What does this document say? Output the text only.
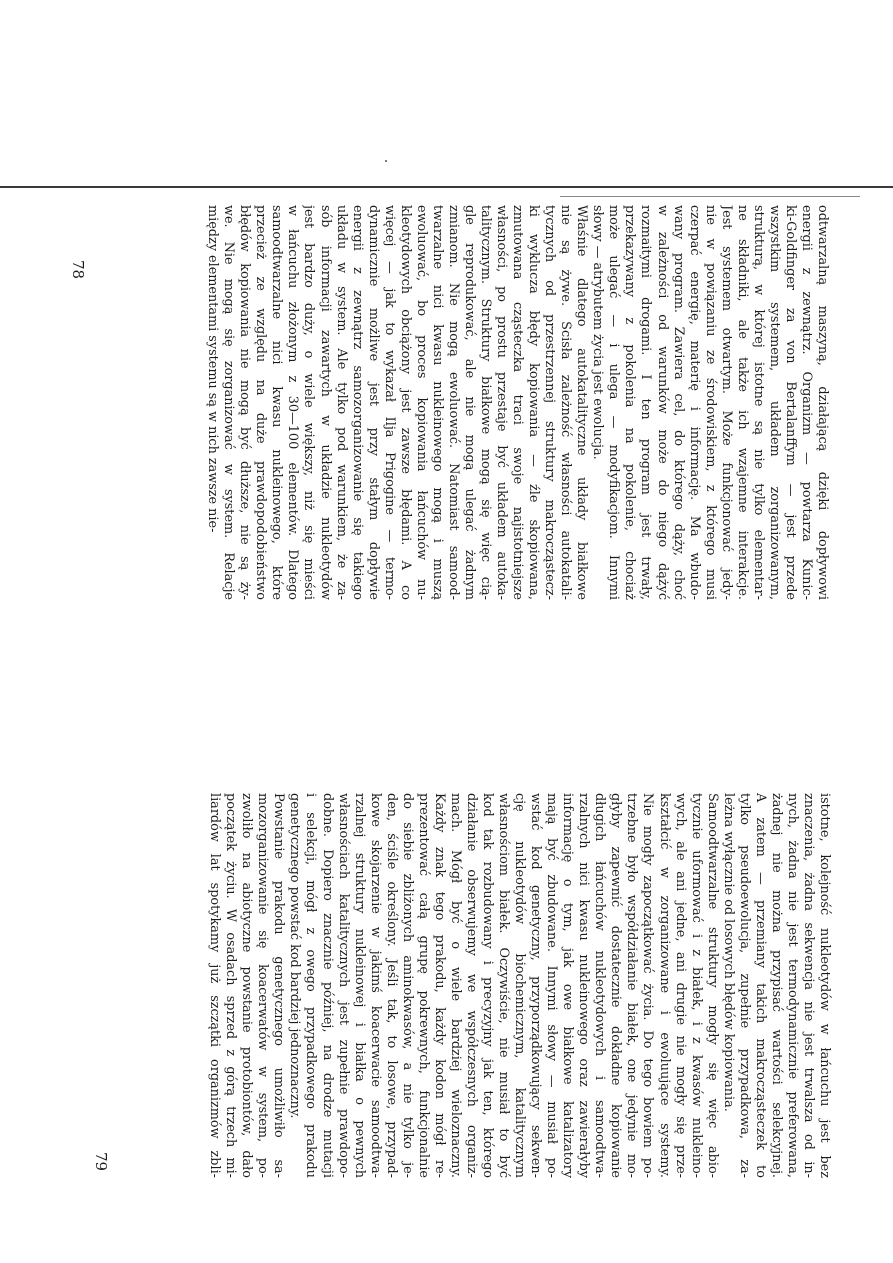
odtwarzalną maszyną, działającą dzięki dopływowi
energii z zewnątrz. Organizm — powtarza Kunic-
ki-Goldfinger za von Bertalanffym — jest przede
wszystkim systemem, układem zorganizowanym,
strukturą, w której istotne są nie tylko elementar-
ne składniki, ale także ich wzajemne interakcje.
Jest systemem otwartym. Może funkcjonować jedy-
nie w powiązaniu ze środowiskiem, z którego musi
czerpać energię, materię i informację. Ma wbudo-
wany program. Zawiera cel, do którego dąży, choć
w zależności od warunków może do niego dążyć
rozmaitymi drogami. I ten program jest trwały,
przekazywany z pokolenia na pokolenie, chociaż
może ulegać — i ulega — modyfikacjom. Innymi
słowy — atrybutem życia jest ewolucja.
Właśnie dlatego autokatalityczne układy białkowe
nie są żywe. Ścisła zależność własności autokatali-
tycznych od przestrzennej struktury makrocząstecz-
ki wyklucza błędy kopiowania — źle skopiowana,
zmutowana cząsteczka traci swoje najistotniejsze
własności, po prostu przestaje być układem autoka-
talitycznym. Struktury białkowe mogą się więc cią-
gle reprodukować, ale nie mogą ulegać żadnym
zmianom. Nie mogą ewoluować. Natomiast samood-
twarzalne nici kwasu nukleinowego mogą i muszą
ewoluować, bo proces kopiowania łańcuchów nu-
kleotydowych obciążony jest zawsze błędami. A co
więcej — jak to wykazał Ilja Prigogine — termo-
dynamicznie możliwe jest przy stałym dopływie
energii z zewnątrz samozorganizowanie się takiego
układu w system. Ale tylko pod warunkiem, że za-
sób informacji zawartych w układzie nukleotydów
jest bardzo duży, o wiele większy, niż się mieści
w łańcuchu złożonym z 30—100 elementów. Dlatego
samoodtwarzalne nici kwasu nukleinowego, które
przecież ze względu na duże prawdopodobieństwo
błędów kopiowania nie mogą być dłuższe, nie są ży-
we. Nie mogą się zorganizować w system. Relacje
między elementami systemu są w nich zawsze nie-
istotne, kolejność nukleotydów w łańcuchu jest bez
znaczenia, żadna sekwencja nie jest trwalsza od in-
nych, żadna nie jest termodynamicznie preferowana,
żadnej nie można przypisać wartości selekcyjnej.
A zatem — przemiany takich makrocząsteczek to
tylko pseudoewolucja, zupełnie przypadkowa, za-
leżna wyłącznie od losowych błędów kopiowania.
Samoodtwarzalne struktury mogły się więc abio-
tycznie uformować i z białek, i z kwasów nukleino-
wych, ale ani jedne, ani drugie nie mogły się prze-
kształcić w zorganizowane i ewoluujące systemy.
Nie mogły zapoczątkować życia. Do tego bowiem po-
trzebne było współdziałanie białek, one jedynie mo-
głyby zapewnić dostatecznie dokładne kopiowanie
długich łańcuchów nukleotydowych i samoodtwa-
rzalnych nici kwasu nukleinowego oraz zawierałyby
informację o tym, jak owe białkowe katalizatory
mają być zbudowane. Innymi słowy — musiał po-
wstać kod genetyczny, przyporządkowujący sekwen-
cję nukleotydów biochemicznym, katalitycznym
własnościom białek. Oczywiście, nie musiał to być
kod tak rozbudowany i precyzyjny jak ten, którego
działanie obserwujemy we współczesnych organiz-
mach. Mógł być o wiele bardziej wieloznaczny.
Każdy znak tego prakodu, każdy kodon mógł re-
prezentować całą grupę pokrewnych, funkcjonalnie
do siebie zbliżonych aminokwasów, a nie tylko je-
den, ściśle określony. Jeśli tak, to losowe, przypad-
kowe skojarzenie w jakimś koacerwacie samoodtwa-
rzalnej struktury nukleinowej i białka o pewnych
własnościach katalitycznych jest zupełnie prawdopo-
dobne. Dopiero znacznie później, na drodze mutacji
i selekcji, mógł z owego przypadkowego prakodu
genetycznego powstać kod bardziej jednoznaczny.
Powstanie prakodu genetycznego umożliwiło sa-
mozorganizowanie się koacerwatów w system, po-
zwoliło na abiotyczne powstanie protobiontów, dało
początek życiu. W osadach sprzed z górą trzech mi-
liardów lat spotykamy już szczątki organizmów zbli-
78
79
